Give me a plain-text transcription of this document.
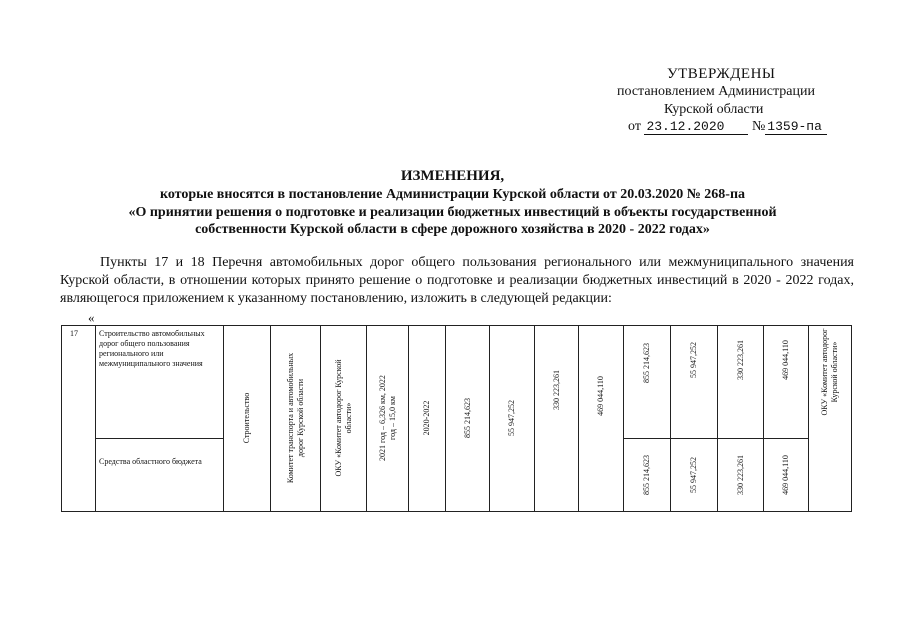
УТВЕРЖДЕНЫ
постановлением Администрации
Курской области
от 23.12.2020 № 1359-па
ИЗМЕНЕНИЯ,
которые вносятся в постановление Администрации Курской области от 20.03.2020 № 268-па
«О принятии решения о подготовке и реализации бюджетных инвестиций в объекты государственной
собственности Курской области в сфере дорожного хозяйства в 2020 - 2022 годах»
Пункты 17 и 18 Перечня автомобильных дорог общего пользования регионального или межмуниципального значения Курской области, в отношении которых принято решение о подготовке и реализации бюджетных инвестиций в 2020 - 2022 годах, являющегося приложением к указанному постановлению, изложить в следующей редакции:
«
17	Строительство автомобильных дорог общего пользования регионального или межмуниципального значения	Строительство	Комитет транспорта и автомобильных дорог Курской области	ОКУ «Комитет автодорог Курской области»	2021 год – 6,326 км, 2022 год – 15,0 км	2020-2022	855 214,623	55 947,252	330 223,261	469 044,110	855 214,623	55 947,252	330 223,261	469 044,110	ОКУ «Комитет автодорог Курской области»

	Средства областного бюджета										855 214,623	55 947,252	330 223,261	469 044,110	
